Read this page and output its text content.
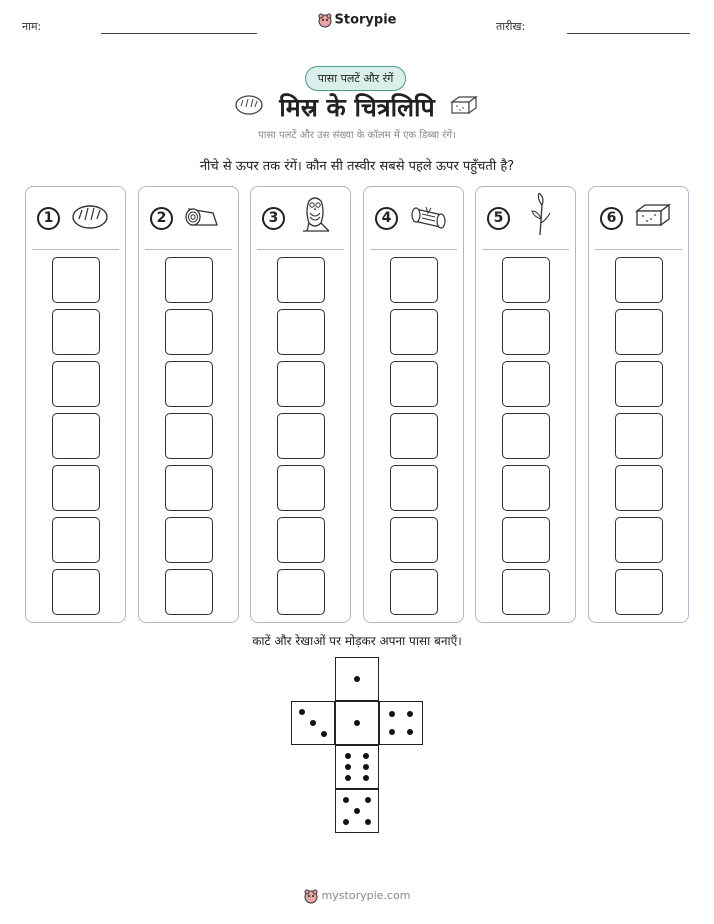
नाम:	Storypie	तारीख:
पासा पलटें और रंगें
मिस्र के चित्रलिपि
पासा पलटें और उस संख्या के कॉलम में एक डिब्बा रंगें।
नीचे से ऊपर तक रंगें। कौन सी तस्वीर सबसे पहले ऊपर पहुँचती है?
1	2	3	4	5	6
काटें और रेखाओं पर मोड़कर अपना पासा बनाएँ।
mystorypie.com
